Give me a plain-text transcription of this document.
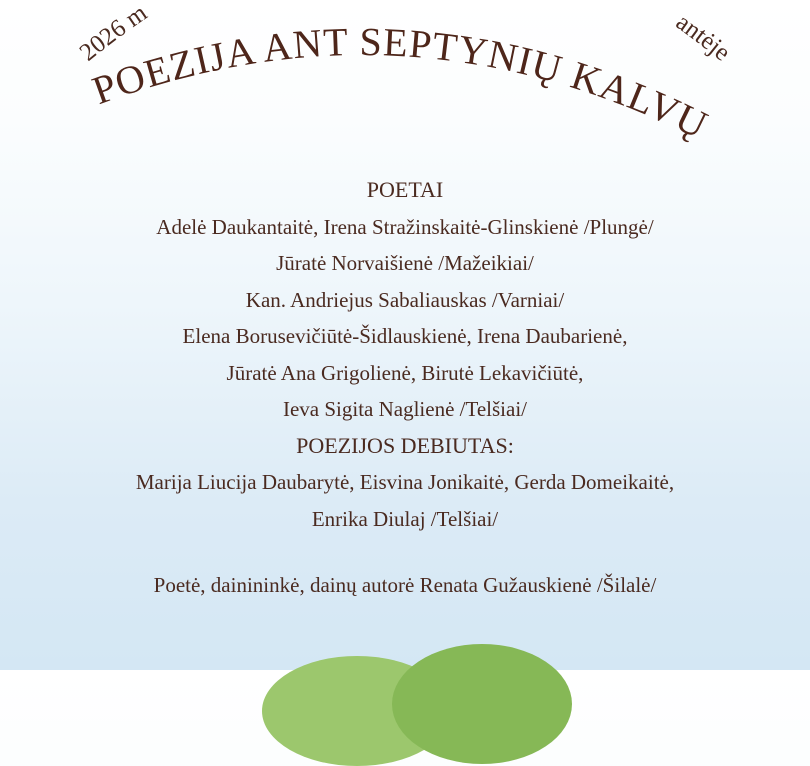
2026 m	antėje
POEZIJA ANT SEPTYNIŲ KALVŲ
POETAI
Adelė Daukantaitė, Irena Stražinskaitė-Glinskienė /Plungė/
Jūratė Norvaišienė /Mažeikiai/
Kan. Andriejus Sabaliauskas /Varniai/
Elena Borusevičiūtė-Šidlauskienė, Irena Daubarienė,
Jūratė Ana Grigolienė, Birutė Lekavičiūtė,
Ieva Sigita Naglienė /Telšiai/
POEZIJOS DEBIUTAS:
Marija Liucija Daubarytė, Eisvina Jonikaitė, Gerda Domeikaitė,
Enrika Diulaj /Telšiai/
Poetė, dainininkė, dainų autorė Renata Gužauskienė /Šilalė/
